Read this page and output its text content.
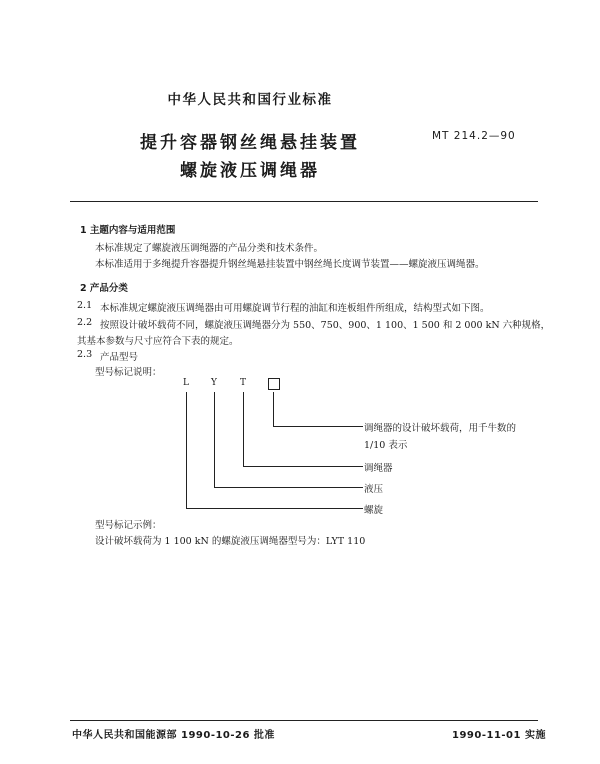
中华人民共和国行业标准
提升容器钢丝绳悬挂装置
螺旋液压调绳器
MT 214.2—90
1 主题内容与适用范围
本标准规定了螺旋液压调绳器的产品分类和技术条件。
本标准适用于多绳提升容器提升钢丝绳悬挂装置中钢丝绳长度调节装置——螺旋液压调绳器。
2 产品分类
2.1 本标准规定螺旋液压调绳器由可用螺旋调节行程的油缸和连板组件所组成，结构型式如下图。
2.2 按照设计破坏载荷不同，螺旋液压调绳器分为 550、750、900、1 100、1 500 和 2 000 kN 六种规格，
其基本参数与尺寸应符合下表的规定。
2.3 产品型号
型号标记说明：
L Y	T
调绳器的设计破坏载荷，用千牛数的
1/10 表示
调绳器
液压
螺旋
型号标记示例：
设计破坏载荷为 1 100 kN 的螺旋液压调绳器型号为：LYT 110
中华人民共和国能源部 1990-10-26 批准	1990-11-01 实施
